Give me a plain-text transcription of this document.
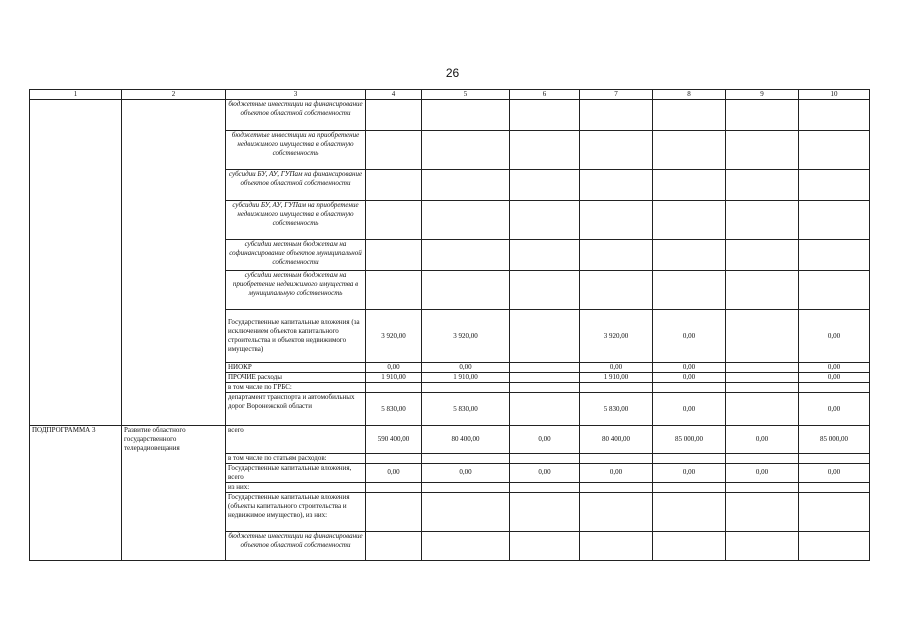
26
1	2	3	4	5	6	7	8	9	10
		бюджетные инвестиции на финансирование объектов областной собственности							
		бюджетные инвестиции на приобретение недвижимого имущества в областную собственность							
		субсидии БУ, АУ, ГУПам на финансирование объектов областной собственности							
		субсидии БУ, АУ, ГУПам на приобретение недвижимого имущества в областную собственность							
		субсидии местным бюджетам на софинансирование объектов муниципальной собственности							
		субсидии местным бюджетам на приобретение недвижимого имущества в муниципальную собственность							
		Государственные капитальные вложения (за исключением объектов капитального строительства и объектов недвижимого имущества)	3 920,00	3 920,00		3 920,00	0,00		0,00
		НИОКР	0,00	0,00		0,00	0,00		0,00
		ПРОЧИЕ расходы	1 910,00	1 910,00		1 910,00	0,00		0,00
		в том числе по ГРБС:							
		департамент транспорта и автомобильных дорог Воронежской области	5 830,00	5 830,00		5 830,00	0,00		0,00
ПОДПРОГРАММА 3	Развитие областного государственного телерадиовещания	всего	590 400,00	80 400,00	0,00	80 400,00	85 000,00	0,00	85 000,00
		в том числе по статьям расходов:							
		Государственные капитальные вложения, всего	0,00	0,00	0,00	0,00	0,00	0,00	0,00
		из них:							
		Государственные капитальные вложения (объекты капитального строительства и недвижимое имущество), из них:							
		бюджетные инвестиции на финансирование объектов областной собственности							
